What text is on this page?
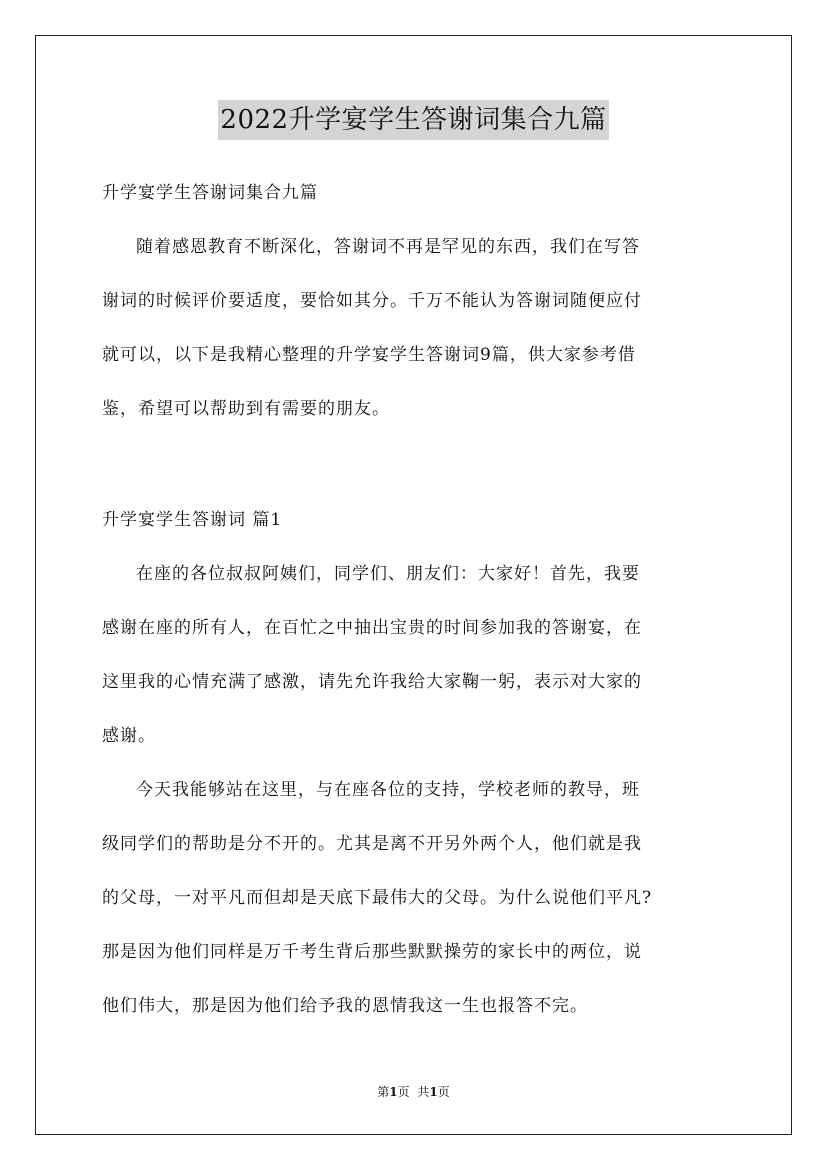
2022升学宴学生答谢词集合九篇
升学宴学生答谢词集合九篇
随着感恩教育不断深化，答谢词不再是罕见的东西，我们在写答
谢词的时候评价要适度，要恰如其分。千万不能认为答谢词随便应付
就可以，以下是我精心整理的升学宴学生答谢词9篇，供大家参考借
鉴，希望可以帮助到有需要的朋友。
升学宴学生答谢词 篇1
在座的各位叔叔阿姨们，同学们、朋友们：大家好！首先，我要
感谢在座的所有人，在百忙之中抽出宝贵的时间参加我的答谢宴，在
这里我的心情充满了感激，请先允许我给大家鞠一躬，表示对大家的
感谢。
今天我能够站在这里，与在座各位的支持，学校老师的教导，班
级同学们的帮助是分不开的。尤其是离不开另外两个人，他们就是我
的父母，一对平凡而但却是天底下最伟大的父母。为什么说他们平凡?
那是因为他们同样是万千考生背后那些默默操劳的家长中的两位，说
他们伟大，那是因为他们给予我的恩情我这一生也报答不完。
第1页 共1页
